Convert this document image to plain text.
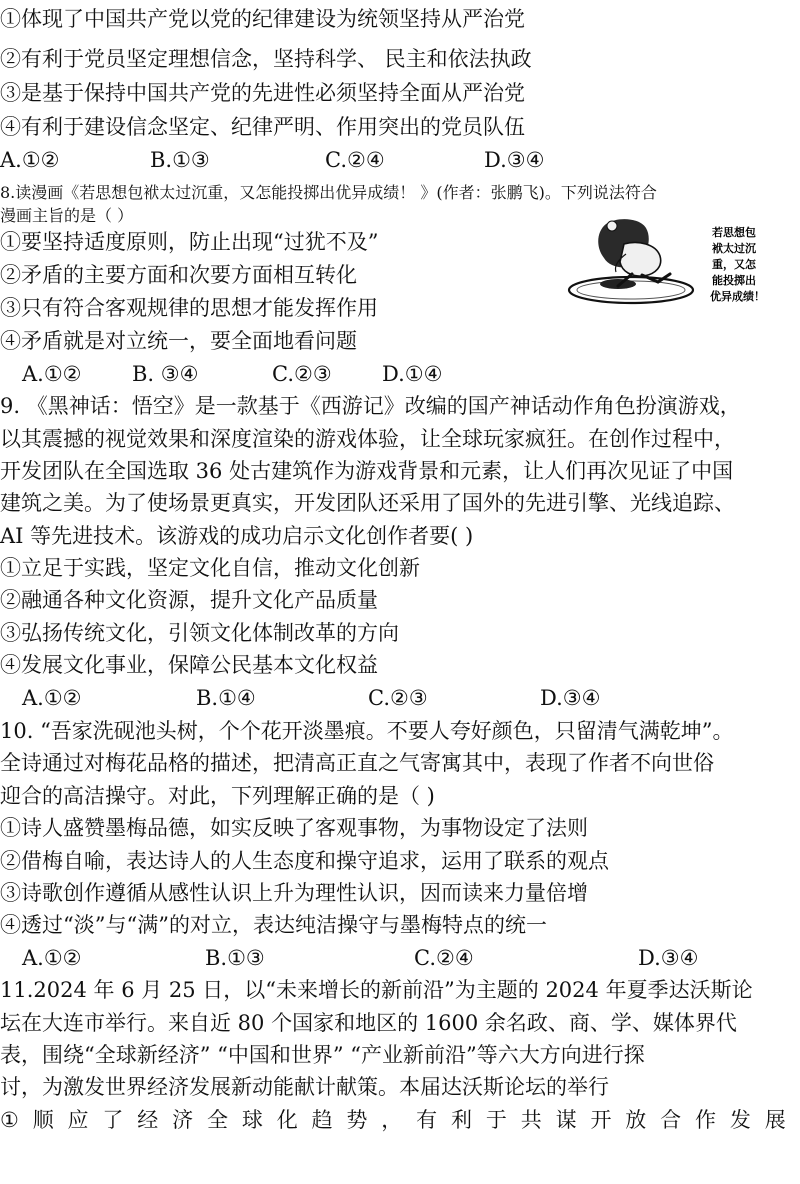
①体现了中国共产党以党的纪律建设为统领坚持从严治党
②有利于党员坚定理想信念，坚持科学、 民主和依法执政
③是基于保持中国共产党的先进性必须坚持全面从严治党
④有利于建设信念坚定、纪律严明、作用突出的党员队伍
A.①②	B.①③	C.②④	D.③④
8.读漫画《若思想包袱太过沉重，又怎能投掷出优异成绩！ 》(作者：张鹏飞)。下列说法符合
漫画主旨的是（ ）
①要坚持适度原则，防止出现“过犹不及”
②矛盾的主要方面和次要方面相互转化
③只有符合客观规律的思想才能发挥作用
④矛盾就是对立统一，要全面地看问题
A.①② B. ③④	C.②③ D.①④
若思想包
袱太过沉
重，又怎
能投掷出
优异成绩！
9. 《黑神话：悟空》是一款基于《西游记》改编的国产神话动作角色扮演游戏，
以其震撼的视觉效果和深度渲染的游戏体验，让全球玩家疯狂。在创作过程中，
开发团队在全国选取 36 处古建筑作为游戏背景和元素，让人们再次见证了中国
建筑之美。为了使场景更真实，开发团队还采用了国外的先进引擎、光线追踪、
AI 等先进技术。该游戏的成功启示文化创作者要( )
①立足于实践，坚定文化自信，推动文化创新
②融通各种文化资源，提升文化产品质量
③弘扬传统文化，引领文化体制改革的方向
④发展文化事业，保障公民基本文化权益
A.①②	B.①④	C.②③	D.③④
10. “吾家洗砚池头树，个个花开淡墨痕。不要人夸好颜色，只留清气满乾坤”。
全诗通过对梅花品格的描述，把清高正直之气寄寓其中，表现了作者不向世俗
迎合的高洁操守。对此，下列理解正确的是（ )
①诗人盛赞墨梅品德，如实反映了客观事物，为事物设定了法则
②借梅自喻，表达诗人的人生态度和操守追求，运用了联系的观点
③诗歌创作遵循从感性认识上升为理性认识，因而读来力量倍增
④透过“淡”与“满”的对立，表达纯洁操守与墨梅特点的统一
A.①②	B.①③	C.②④	D.③④
11.2024 年 6 月 25 日，以“未来增长的新前沿”为主题的 2024 年夏季达沃斯论
坛在大连市举行。来自近 80 个国家和地区的 1600 余名政、商、学、媒体界代
表，围绕“全球新经济” “中国和世界” “产业新前沿”等六大方向进行探
讨，为激发世界经济发展新动能献计献策。本届达沃斯论坛的举行
① 顺 应 了 经 济 全 球 化 趋 势 ， 有 利 于 共 谋 开 放 合 作 发 展
